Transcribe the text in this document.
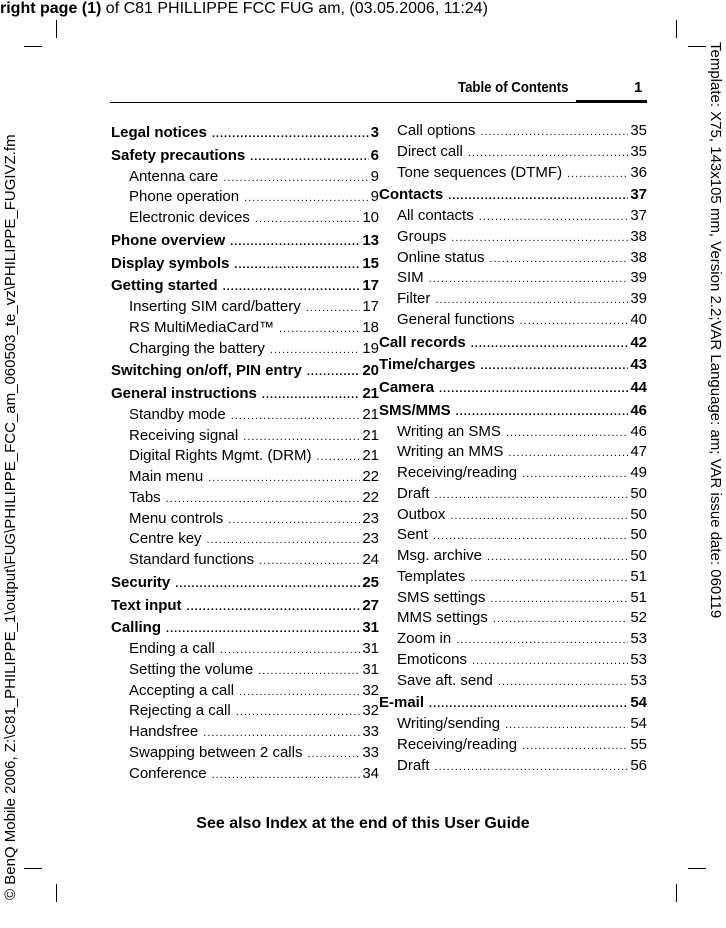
right page (1) of C81 PHILLIPPE FCC FUG am, (03.05.2006, 11:24)
© BenQ Mobile 2006, Z:\C81_PHILIPPE_1\output\FUG\PHILIPPE_FCC_am_060503_te_vz\PHILIPPE_FUGIVZ.fm	Template: X75, 143x105 mm, Version 2.2;VAR Language: am; VAR issue date: 060119
Table of Contents	1
Legal notices .....	3
Safety precautions .....	6
Antenna care .....	9
Phone operation .....	9
Electronic devices .....	10
Phone overview .....	13
Display symbols .....	15
Getting started .....	17
Inserting SIM card/battery .....	17
RS MultiMediaCard™ .....	18
Charging the battery .....	19
Switching on/off, PIN entry .....	20
General instructions .....	21
Standby mode .....	21
Receiving signal .....	21
Digital Rights Mgmt. (DRM) .....	21
Main menu .....	22
Tabs .....	22
Menu controls .....	23
Centre key .....	23
Standard functions .....	24
Security .....	25
Text input .....	27
Calling .....	31
Ending a call .....	31
Setting the volume .....	31
Accepting a call .....	32
Rejecting a call .....	32
Handsfree .....	33
Swapping between 2 calls .....	33
Conference .....	34
Call options .....	35
Direct call .....	35
Tone sequences (DTMF) .....	36
Contacts .....	37
All contacts .....	37
Groups .....	38
Online status .....	38
SIM .....	39
Filter .....	39
General functions .....	40
Call records .....	42
Time/charges .....	43
Camera .....	44
SMS/MMS .....	46
Writing an SMS .....	46
Writing an MMS .....	47
Receiving/reading .....	49
Draft .....	50
Outbox .....	50
Sent .....	50
Msg. archive .....	50
Templates .....	51
SMS settings .....	51
MMS settings .....	52
Zoom in .....	53
Emoticons .....	53
Save aft. send .....	53
E-mail .....	54
Writing/sending .....	54
Receiving/reading .....	55
Draft .....	56
See also Index at the end of this User Guide
